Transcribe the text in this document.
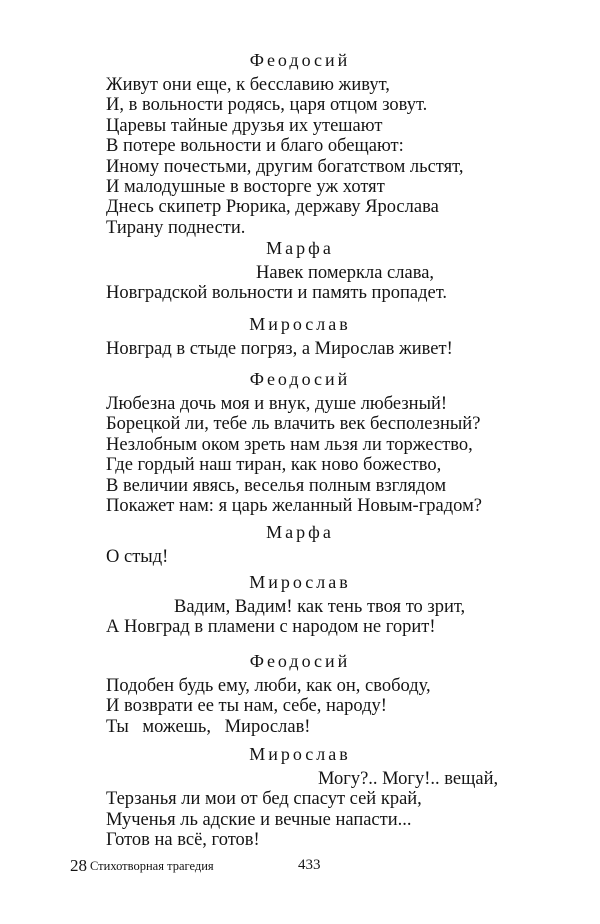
Феодосий
Живут они еще, к бесславию живут,
И, в вольности родясь, царя отцом зовут.
Царевы тайные друзья их утешают
В потере вольности и благо обещают:
Иному почестьми, другим богатством льстят,
И малодушные в восторге уж хотят
Днесь скипетр Рюрика, державу Ярослава
Тирану поднести.
Марфа
Навек померкла слава,
Новградской вольности и память пропадет.
Мирослав
Новград в стыде погряз, а Мирослав живет!
Феодосий
Любезна дочь моя и внук, душе любезный!
Борецкой ли, тебе ль влачить век бесполезный?
Незлобным оком зреть нам льзя ли торжество,
Где гордый наш тиран, как ново божество,
В величии явясь, веселья полным взглядом
Покажет нам: я царь желанный Новым-градом?
Марфа
О стыд!
Мирослав
Вадим, Вадим! как тень твоя то зрит,
А Новград в пламени с народом не горит!
Феодосий
Подобен будь ему, люби, как он, свободу,
И возврати ее ты нам, себе, народу!
Ты можешь, Мирослав!
Мирослав
Могу?.. Могу!.. вещай,
Терзанья ли мои от бед спасут сей край,
Мученья ль адские и вечные напасти...
Готов на всё, готов!
28 Стихотворная трагедия	433
